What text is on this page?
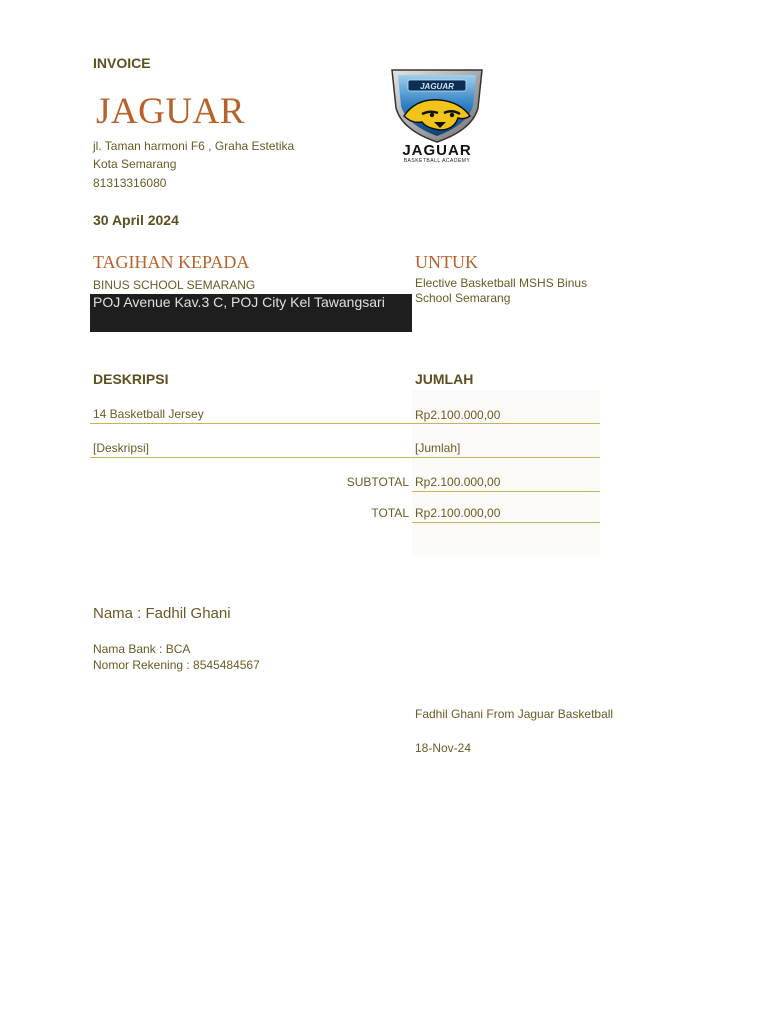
INVOICE
JAGUAR
jl. Taman harmoni F6 , Graha Estetika
Kota Semarang
81313316080
JAGUAR
JAGUAR
BASKETBALL ACADEMY
30 April 2024
TAGIHAN KEPADA
BINUS SCHOOL SEMARANG
POJ Avenue Kav.3 C, POJ City Kel Tawangsari
UNTUK
Elective Basketball MSHS Binus School Semarang
DESKRIPSI	JUMLAH
14 Basketball Jersey	Rp2.100.000,00
[Deskripsi]	[Jumlah]
SUBTOTAL Rp2.100.000,00
TOTAL Rp2.100.000,00
Nama : Fadhil Ghani
Nama Bank : BCA
Nomor Rekening : 8545484567
Fadhil Ghani From Jaguar Basketball
18-Nov-24
